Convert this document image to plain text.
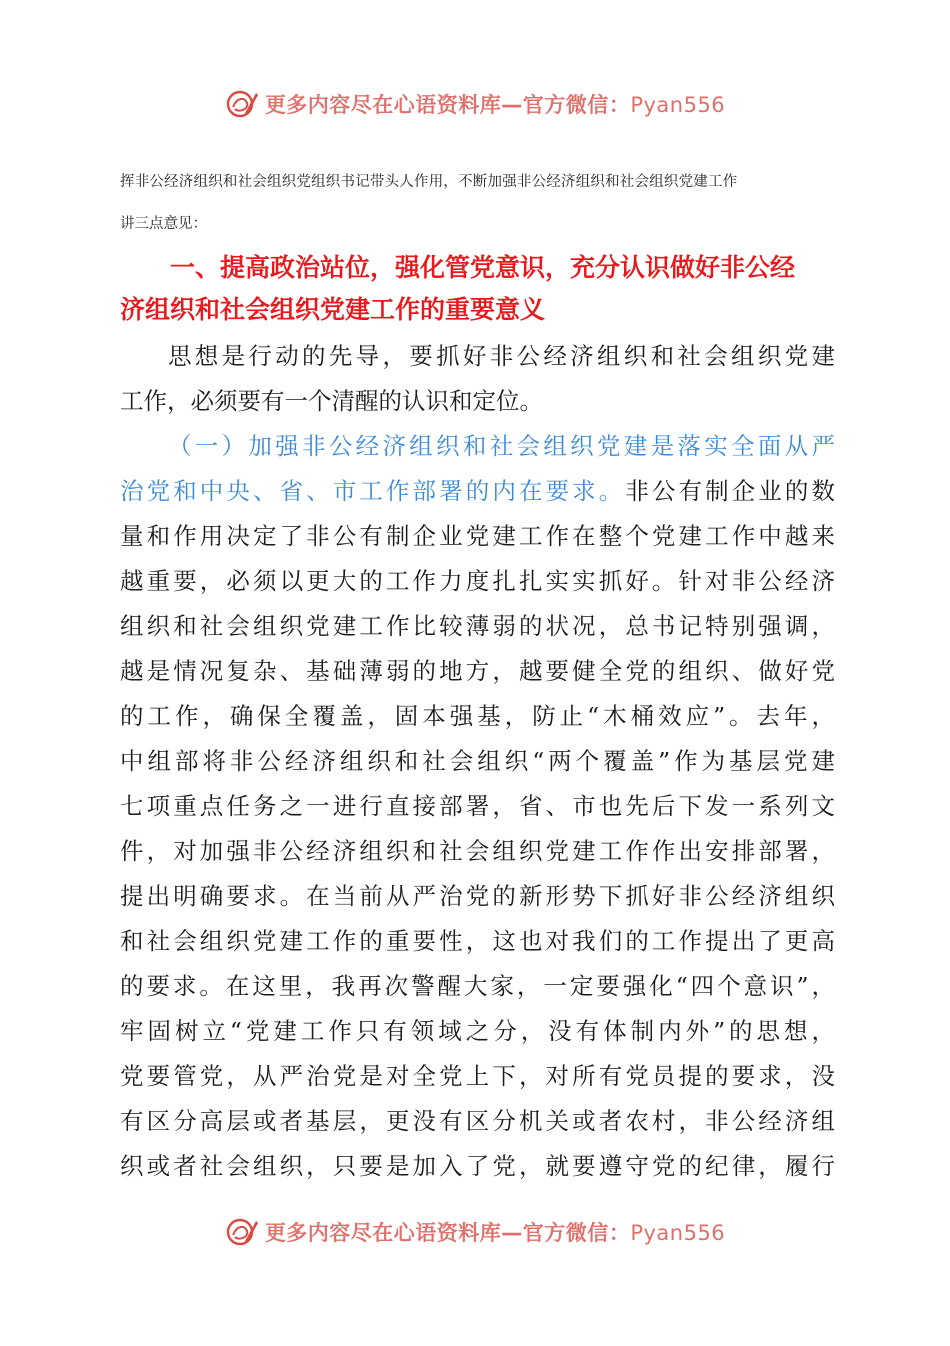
更多内容尽在心语资料库—官方微信：Pyan556
挥非公经济组织和社会组织党组织书记带头人作用，不断加强非公经济组织和社会组织党建工作
讲三点意见：
一、提高政治站位，强化管党意识，充分认识做好非公经
济组织和社会组织党建工作的重要意义
思想是行动的先导，要抓好非公经济组织和社会组织党建
工作，必须要有一个清醒的认识和定位。
（一）加强非公经济组织和社会组织党建是落实全面从严
治党和中央、省、市工作部署的内在要求。非公有制企业的数
量和作用决定了非公有制企业党建工作在整个党建工作中越来
越重要，必须以更大的工作力度扎扎实实抓好。针对非公经济
组织和社会组织党建工作比较薄弱的状况，总书记特别强调，
越是情况复杂、基础薄弱的地方，越要健全党的组织、做好党
的工作，确保全覆盖，固本强基，防止“木桶效应”。去年，
中组部将非公经济组织和社会组织“两个覆盖”作为基层党建
七项重点任务之一进行直接部署，省、市也先后下发一系列文
件，对加强非公经济组织和社会组织党建工作作出安排部署，
提出明确要求。在当前从严治党的新形势下抓好非公经济组织
和社会组织党建工作的重要性，这也对我们的工作提出了更高
的要求。在这里，我再次警醒大家，一定要强化“四个意识”，
牢固树立“党建工作只有领域之分，没有体制内外”的思想，
党要管党，从严治党是对全党上下，对所有党员提的要求，没
有区分高层或者基层，更没有区分机关或者农村，非公经济组
织或者社会组织，只要是加入了党，就要遵守党的纪律，履行
更多内容尽在心语资料库—官方微信：Pyan556
